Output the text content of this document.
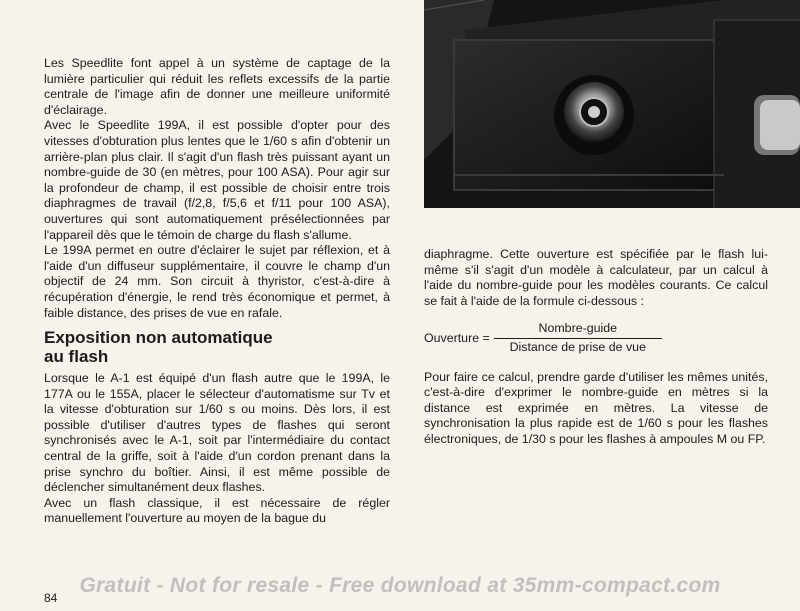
Les Speedlite font appel à un système de captage de la lumière particulier qui réduit les reflets excessifs de la partie centrale de l'image afin de donner une meilleure uniformité d'éclairage.

Avec le Speedlite 199A, il est possible d'opter pour des vitesses d'obturation plus lentes que le 1/60 s afin d'obtenir un arrière-plan plus clair. Il s'agit d'un flash très puissant ayant un nombre-guide de 30 (en mètres, pour 100 ASA). Pour agir sur la profondeur de champ, il est possible de choisir entre trois diaphragmes de travail (f/2,8, f/5,6 et f/11 pour 100 ASA), ouvertures qui sont automatiquement présélectionnées par l'appareil dès que le témoin de charge du flash s'allume.

Le 199A permet en outre d'éclairer le sujet par réflexion, et à l'aide d'un diffuseur supplémentaire, il couvre le champ d'un objectif de 24 mm. Son circuit à thyristor, c'est-à-dire à récupération d'énergie, le rend très économique et permet, à faible distance, des prises de vue en rafale.

Exposition non automatique
au flash

Lorsque le A-1 est équipé d'un flash autre que le 199A, le 177A ou le 155A, placer le sélecteur d'automatisme sur Tv et la vitesse d'obturation sur 1/60 s ou moins. Dès lors, il est possible d'utiliser d'autres types de flashes qui seront synchronisés avec le A-1, soit par l'intermédiaire du contact central de la griffe, soit à l'aide d'un cordon prenant dans la prise synchro du boîtier. Ainsi, il est même possible de déclencher simultanément deux flashes.

Avec un flash classique, il est nécessaire de régler manuellement l'ouverture au moyen de la bague du

diaphragme. Cette ouverture est spécifiée par le flash lui-même s'il s'agit d'un modèle à calculateur, par un calcul à l'aide du nombre-guide pour les modèles courants. Ce calcul se fait à l'aide de la formule ci-dessous :

Ouverture = $\frac{\text{Nombre-guide}}{\text{Distance de prise de vue}}$

Pour faire ce calcul, prendre garde d'utiliser les mêmes unités, c'est-à-dire d'exprimer le nombre-guide en mètres si la distance est exprimée en mètres. La vitesse de synchronisation la plus rapide est de 1/60 s pour les flashes électroniques, de 1/30 s pour les flashes à ampoules M ou FP.

Gratuit - Not for resale - Free download at 35mm-compact.com
84
